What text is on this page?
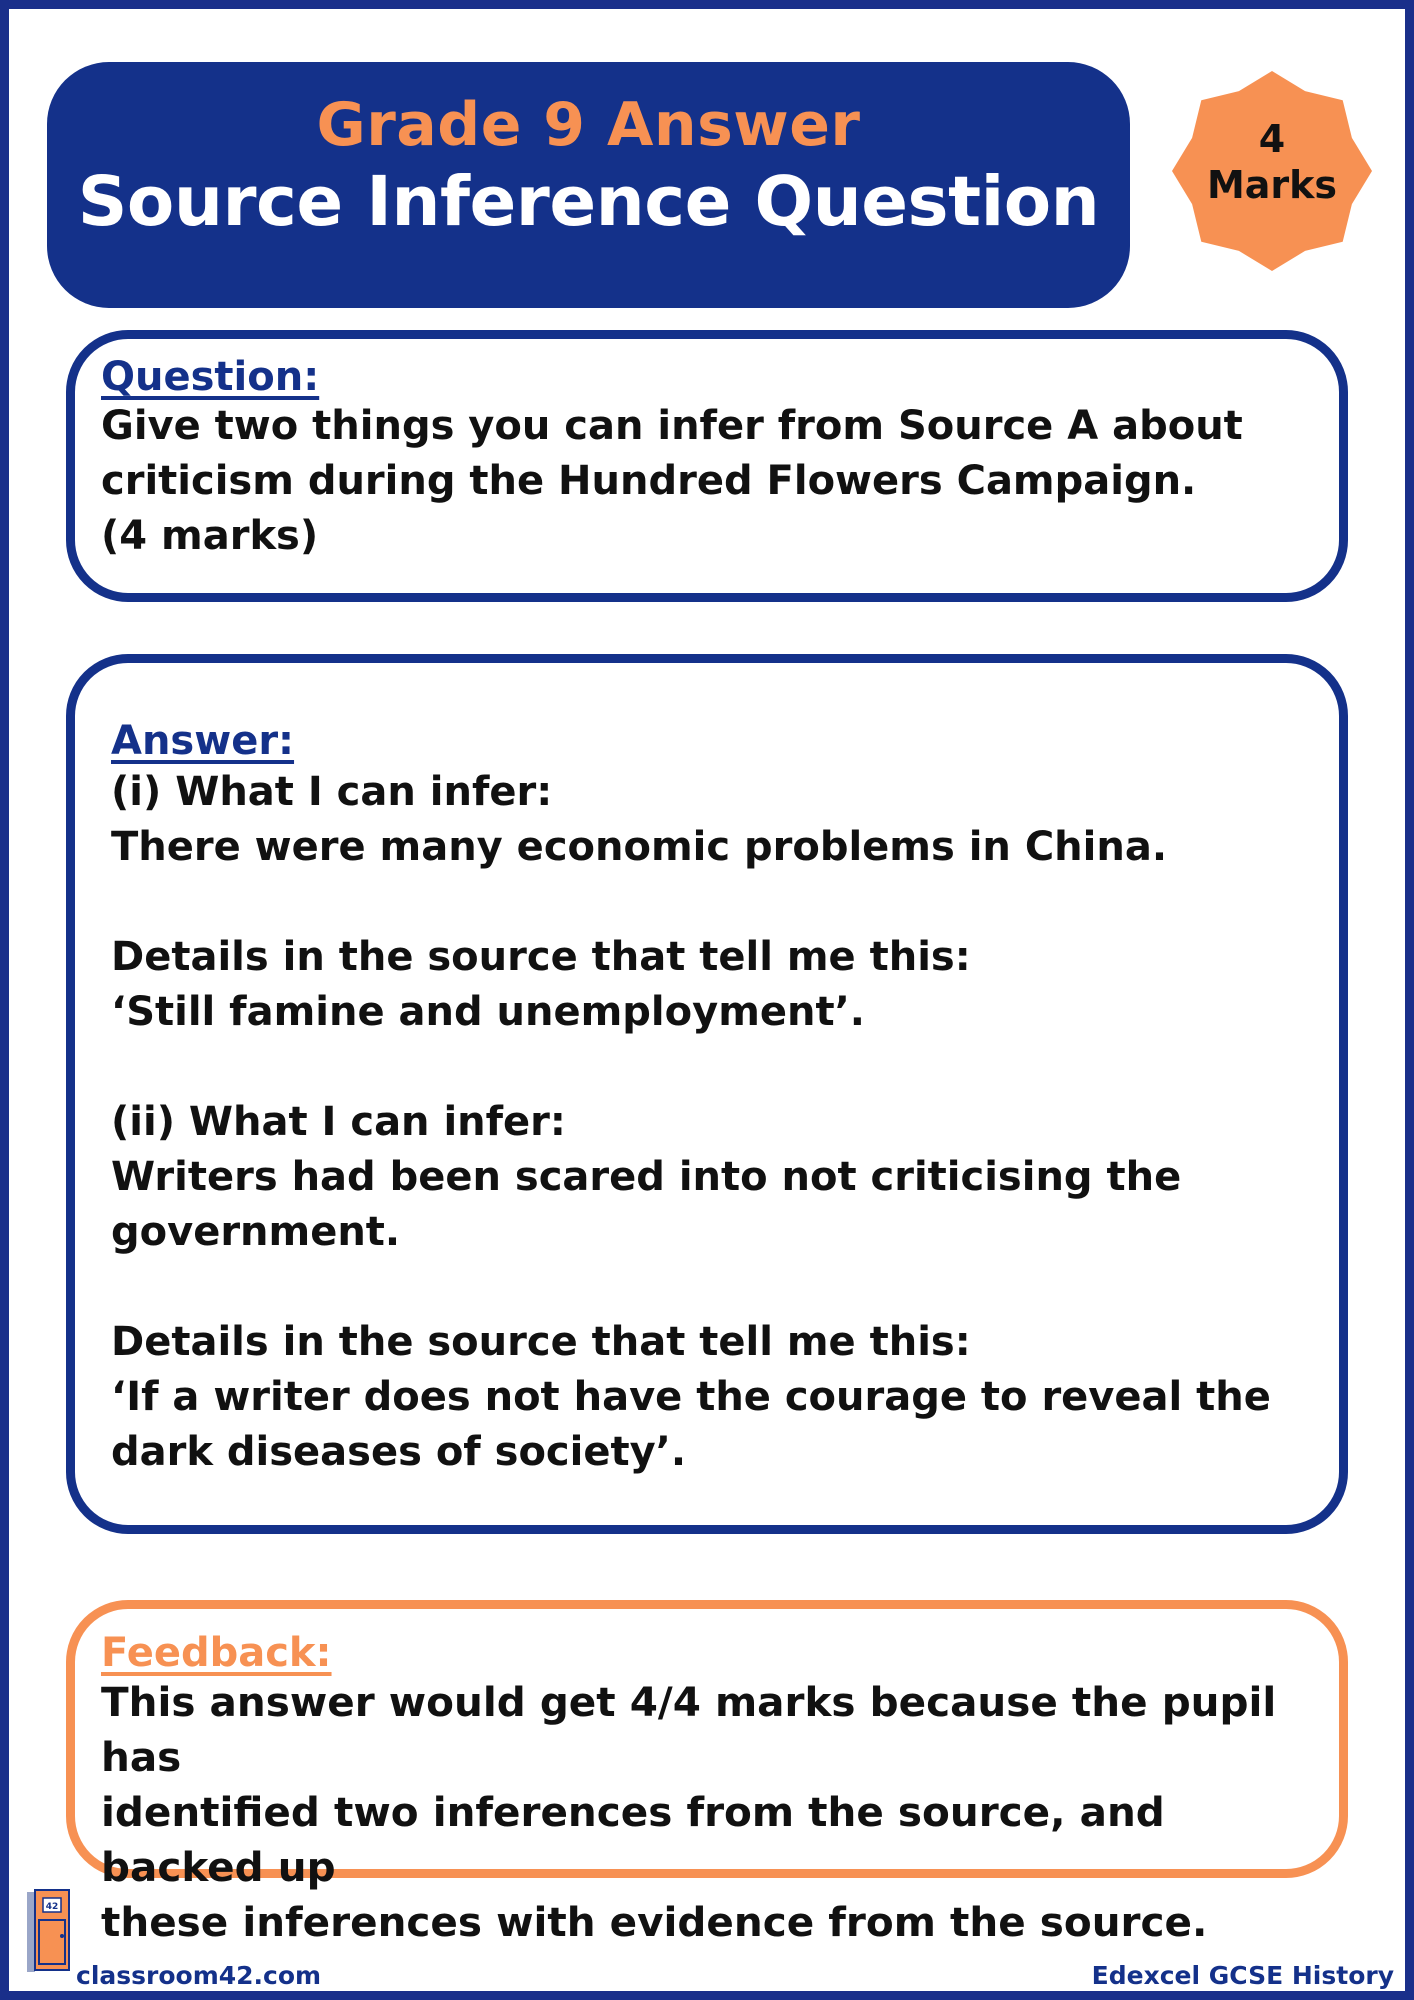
Grade 9 Answer
Source Inference Question
4
Marks
Question:
Give two things you can infer from Source A about
criticism during the Hundred Flowers Campaign.
(4 marks)
Answer:
(i) What I can infer:
There were many economic problems in China.
Details in the source that tell me this:
‘Still famine and unemployment’.
(ii) What I can infer:
Writers had been scared into not criticising the
government.
Details in the source that tell me this:
‘If a writer does not have the courage to reveal the
dark diseases of society’.
Feedback:
This answer would get 4/4 marks because the pupil has
identified two inferences from the source, and backed up
these inferences with evidence from the source.
42
classroom42.com	Edexcel GCSE History
